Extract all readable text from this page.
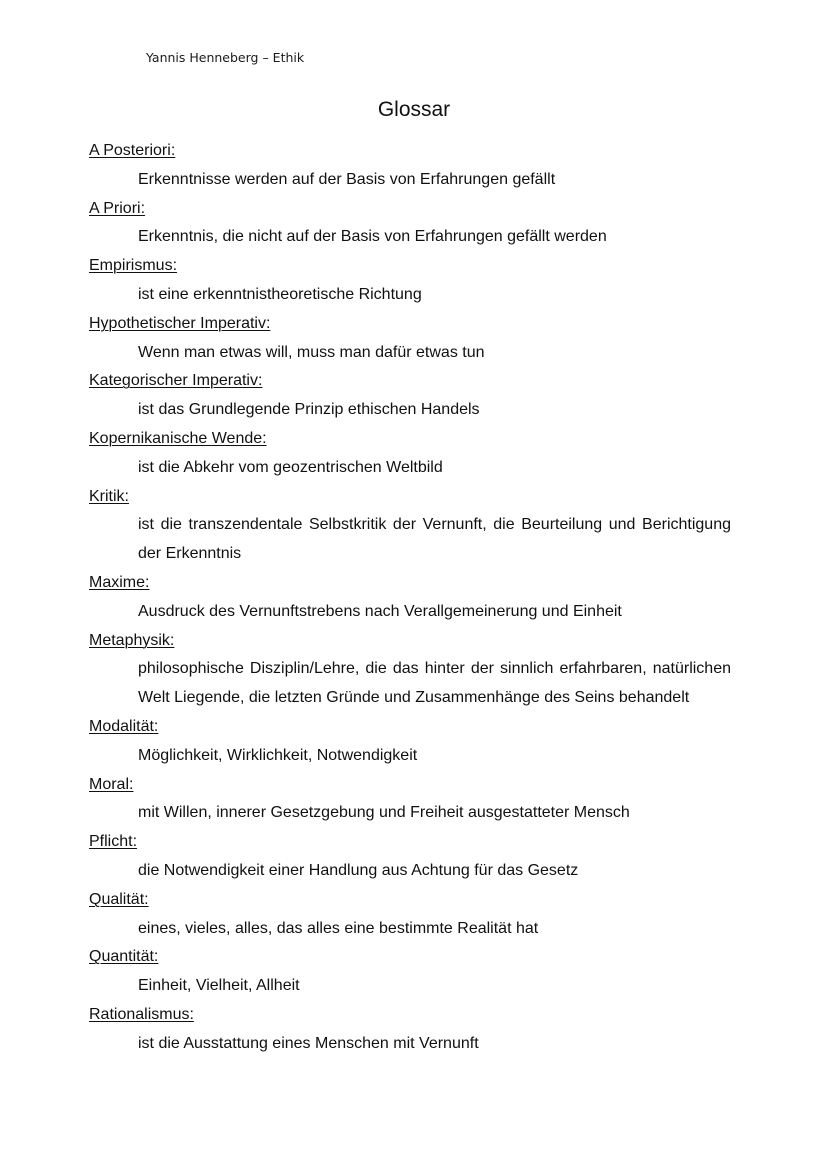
Yannis Henneberg – Ethik
Glossar
A Posteriori:
Erkenntnisse werden auf der Basis von Erfahrungen gefällt
A Priori:
Erkenntnis, die nicht auf der Basis von Erfahrungen gefällt werden
Empirismus:
ist eine erkenntnistheoretische Richtung
Hypothetischer Imperativ:
Wenn man etwas will, muss man dafür etwas tun
Kategorischer Imperativ:
ist das Grundlegende Prinzip ethischen Handels
Kopernikanische Wende:
ist die Abkehr vom geozentrischen Weltbild
Kritik:
ist die transzendentale Selbstkritik der Vernunft, die Beurteilung und Berichtigung der Erkenntnis
Maxime:
Ausdruck des Vernunftstrebens nach Verallgemeinerung und Einheit
Metaphysik:
philosophische Disziplin/Lehre, die das hinter der sinnlich erfahrbaren, natürlichen Welt Liegende, die letzten Gründe und Zusammenhänge des Seins behandelt
Modalität:
Möglichkeit, Wirklichkeit, Notwendigkeit
Moral:
mit Willen, innerer Gesetzgebung und Freiheit ausgestatteter Mensch
Pflicht:
die Notwendigkeit einer Handlung aus Achtung für das Gesetz
Qualität:
eines, vieles, alles, das alles eine bestimmte Realität hat
Quantität:
Einheit, Vielheit, Allheit
Rationalismus:
ist die Ausstattung eines Menschen mit Vernunft
